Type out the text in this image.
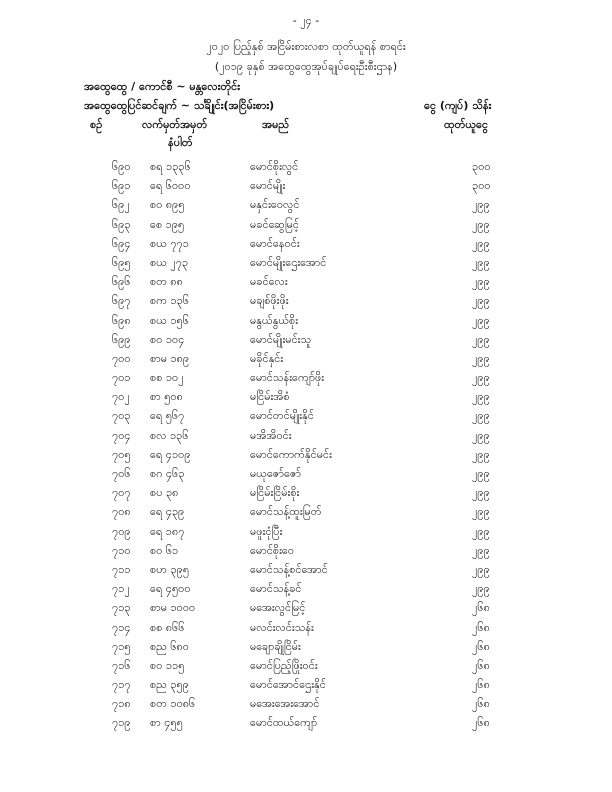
- ၂၄ -
၂၀၂၀ ပြည့်နှစ် အငြိမ်းစားလစာ ထုတ်ယူရန် စာရင်း
(၂၀၁၉ ခုနှစ် အထွေထွေအုပ်ချုပ်ရေးဦးစီးဌာန)
အထွေထွေ / ကောင်စီ ~ မန္တလေးတိုင်း
အထွေထွေပြင်ဆင်ချက် ~ သင်္ချိုင်း(အငြိမ်းစား)	ငွေ (ကျပ်) သိန်း
စဉ်	လက်မှတ်အမှတ်
နံပါတ်
အမည်	ထုတ်ယူငွေ
၆၉၀ စရ ၁၃၃၆	မောင်စိုးလွင်	၃၀၀
၆၉၁ ရေ ၆၀၀၀	မောင်မျိုး	၃၀၀
၆၉၂ စဝ ၈၉၅	မနှင်းဝေလွင်	၂၉၉
၆၉၃ စေ ၁၉၅	မခင်ဆွေမြင့်	၂၉၉
၆၉၄ စယ ၇၇၁	မောင်နေဝင်း	၂၉၉
၆၉၅ စယ ၂၇၃	မောင်မျိုးဌေးအောင်	၂၉၉
၆၉၆ စတ ၈၈	မခင်လေး	၂၉၉
၆၉၇ စက ၁၃၆	မချစ်ဖိုးဖိုး	၂၉၉
၆၉၈ စယ ၁၅၆	မနွယ်နွယ်စိုး	၂၉၉
၆၉၉ စဝ ၁၀၄	မောင်မျိုးမင်းသူ	၂၉၉
၇၀၀ စာမ ၁၈၉	မခိုင်နှင်း	၂၉၉
၇၀၁ စစ ၁၀၂	မောင်သန်းကျော်ဖိုး	၂၉၉
၇၀၂ စာ ၅၀၈	မငြိမ်းအိစံ	၂၉၉
၇၀၃ ရေ ၅၆၇	မောင်တင်မျိုးနိုင်	၂၉၉
၇၀၄ စလ ၁၃၆	မအိအိဝင်း	၂၉၉
၇၀၅ ရေ ၄၁၀၉	မောင်ကောက်နိုင်မင်း	၂၉၉
၇၀၆ စဂ ၄၆၃	မယုဇော်ဇော်	၂၉၉
၇၀၇ စပ ၃၈	မငြိမ်းငြိမ်းစိုး	၂၉၉
၇၀၈ ရေ ၄၃၉	မောင်သန့်ထူးမြတ်	၂၉၉
၇၀၉ ရေ ၁၈၇	မဖူးငုံပြီး	၂၉၉
၇၁၀ စဝ ၆၁	မောင်စိုးဝေ	၂၉၉
၇၁၁ စဟ ၃၉၅	မောင်သန့်စင်အောင်	၂၉၉
၇၁၂ ရေ ၄၅၀၀	မောင်သန့်ခင်	၂၉၉
၇၁၃ စာမ ၁၀၀၀	မအေးလွင်မြင့်	၂၆၈
၇၁၄ စစ ၈၆၆	မလင်းလင်းသန်း	၂၆၈
၇၁၅ စည ၆၈၀	မချောချိုငြိမ်း	၂၆၈
၇၁၆ စဝ ၁၁၅	မောင်ပြည့်ဖြိုးဝင်း	၂၆၈
၇၁၇ စည ၃၅၉	မောင်အောင်ဌေးနိုင်	၂၆၈
၇၁၈ စတ ၁၀၈၆	မအေးအေးအောင်	၂၆၈
၇၁၉ စာ ၄၅၅	မောင်ထယ်ကျော်	၂၆၈
